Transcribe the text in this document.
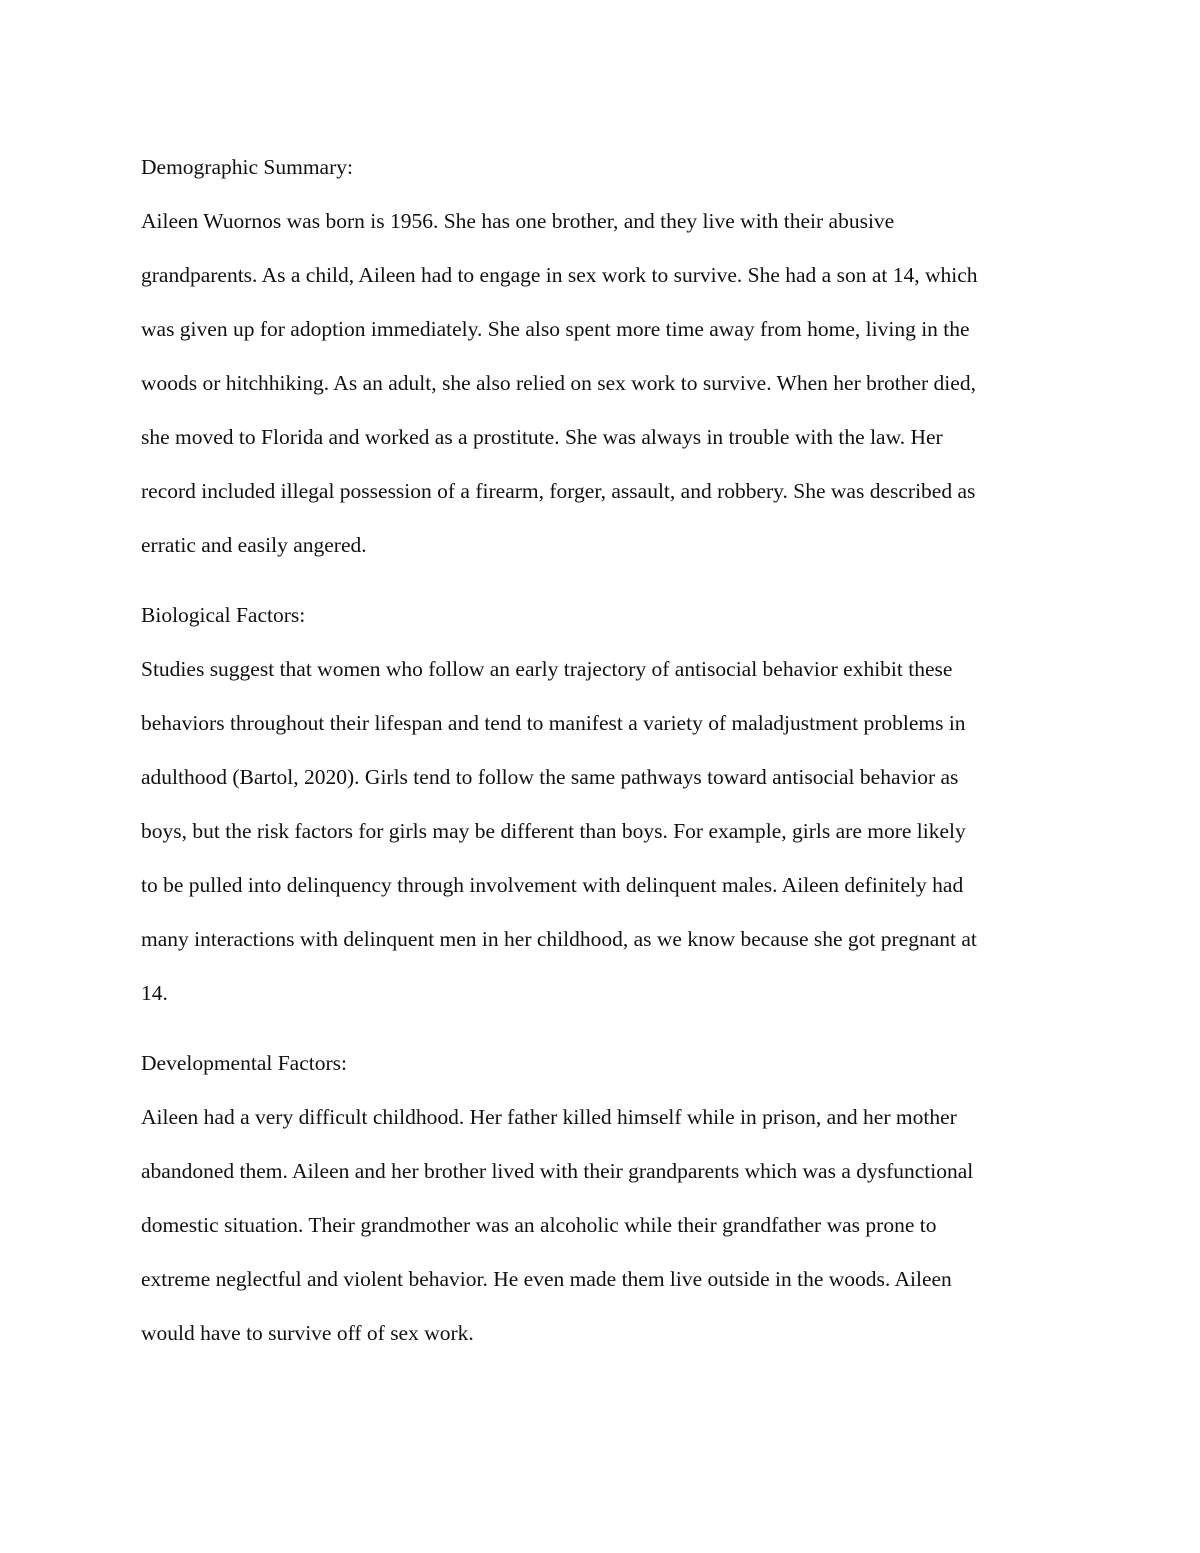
Demographic Summary:
Aileen Wuornos was born is 1956. She has one brother, and they live with their abusive
grandparents. As a child, Aileen had to engage in sex work to survive. She had a son at 14, which
was given up for adoption immediately. She also spent more time away from home, living in the
woods or hitchhiking. As an adult, she also relied on sex work to survive. When her brother died,
she moved to Florida and worked as a prostitute. She was always in trouble with the law. Her
record included illegal possession of a firearm, forger, assault, and robbery. She was described as
erratic and easily angered.
Biological Factors:
Studies suggest that women who follow an early trajectory of antisocial behavior exhibit these
behaviors throughout their lifespan and tend to manifest a variety of maladjustment problems in
adulthood (Bartol, 2020). Girls tend to follow the same pathways toward antisocial behavior as
boys, but the risk factors for girls may be different than boys. For example, girls are more likely
to be pulled into delinquency through involvement with delinquent males. Aileen definitely had
many interactions with delinquent men in her childhood, as we know because she got pregnant at
14.
Developmental Factors:
Aileen had a very difficult childhood. Her father killed himself while in prison, and her mother
abandoned them. Aileen and her brother lived with their grandparents which was a dysfunctional
domestic situation. Their grandmother was an alcoholic while their grandfather was prone to
extreme neglectful and violent behavior. He even made them live outside in the woods. Aileen
would have to survive off of sex work.
